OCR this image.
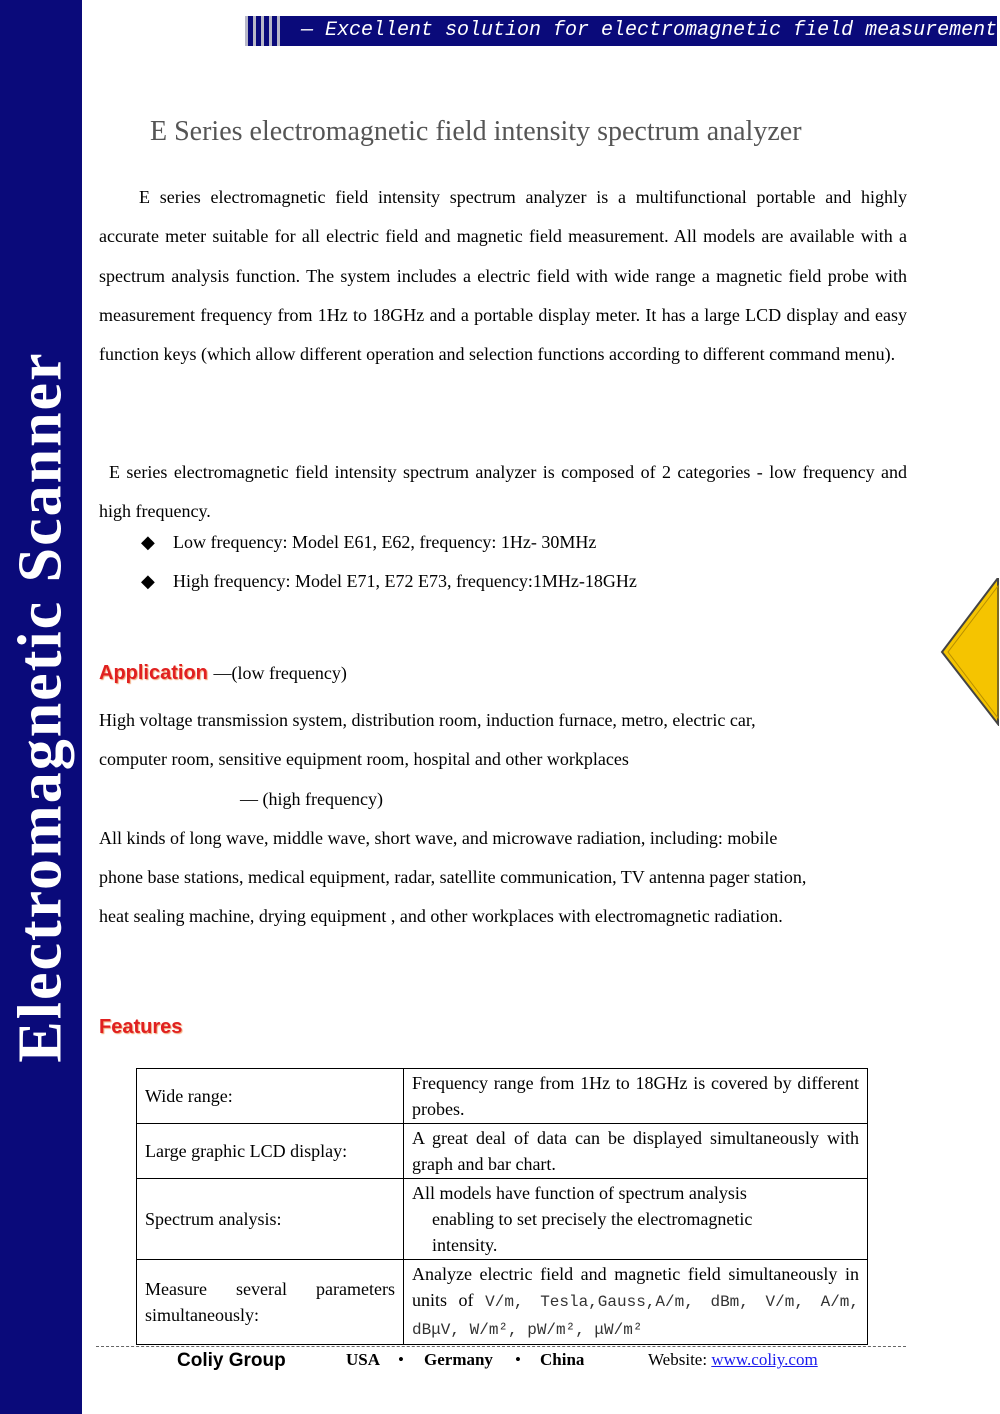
Electromagnetic Scanner
— Excellent solution for electromagnetic field measurement
E Series electromagnetic field intensity spectrum analyzer
E series electromagnetic field intensity spectrum analyzer is a multifunctional portable and highly accurate meter suitable for all electric field and magnetic field measurement. All models are available with a spectrum analysis function. The system includes a electric field with wide range a magnetic field probe with measurement frequency from 1Hz to 18GHz and a portable display meter. It has a large LCD display and easy function keys (which allow different operation and selection functions according to different command menu).
E series electromagnetic field intensity spectrum analyzer is composed of 2 categories - low frequency and high frequency.
◆ Low frequency: Model E61, E62, frequency: 1Hz- 30MHz
◆ High frequency: Model E71, E72 E73, frequency:1MHz-18GHz
Application —(low frequency)
High voltage transmission system, distribution room, induction furnace, metro, electric car,
computer room, sensitive equipment room, hospital and other workplaces
— (high frequency)
All kinds of long wave, middle wave, short wave, and microwave radiation, including: mobile
phone base stations, medical equipment, radar, satellite communication, TV antenna pager station,
heat sealing machine, drying equipment , and other workplaces with electromagnetic radiation.
Features
Wide range:	Frequency range from 1Hz to 18GHz is covered by different probes.
Large graphic LCD display:	A great deal of data can be displayed simultaneously with graph and bar chart.
Spectrum analysis:	All models have function of spectrum analysis
enabling to set precisely the electromagnetic
intensity.

Measure several parameters simultaneously:	Analyze electric field and magnetic field simultaneously in units of V/m, Tesla,Gauss,A/m, dBm, V/m, A/m, dBμV, W/m², pW/m², μW/m²
Coliy Group	USA • Germany • China	Website: www.coliy.com
